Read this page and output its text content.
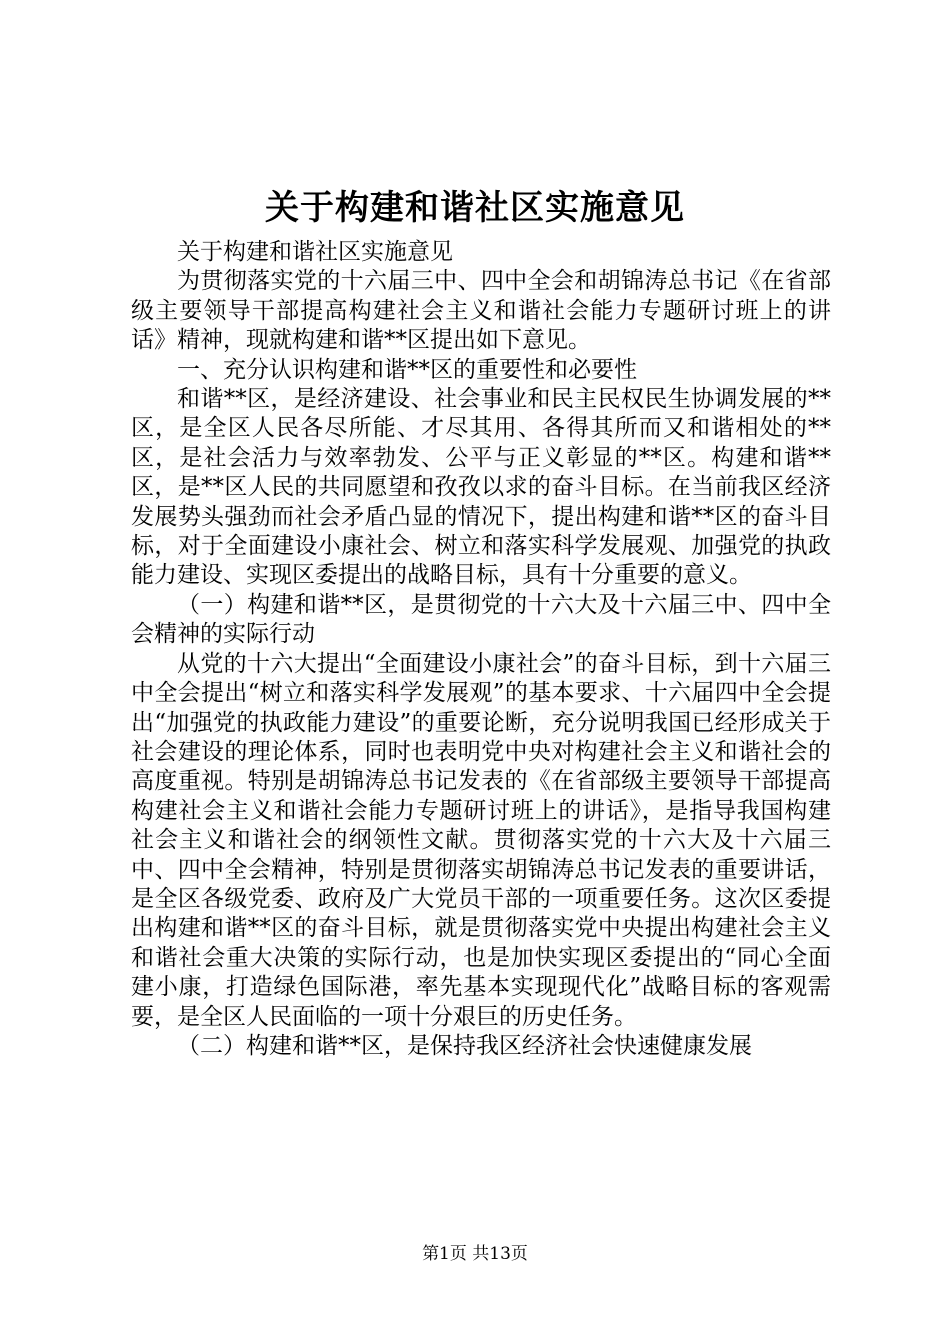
关于构建和谐社区实施意见

关于构建和谐社区实施意见

为贯彻落实党的十六届三中、四中全会和胡锦涛总书记《在省部级主要领导干部提高构建社会主义和谐社会能力专题研讨班上的讲话》精神，现就构建和谐**区提出如下意见。

一、充分认识构建和谐**区的重要性和必要性

和谐**区，是经济建设、社会事业和民主民权民生协调发展的**区，是全区人民各尽所能、才尽其用、各得其所而又和谐相处的**区，是社会活力与效率勃发、公平与正义彰显的**区。构建和谐**区，是**区人民的共同愿望和孜孜以求的奋斗目标。在当前我区经济发展势头强劲而社会矛盾凸显的情况下，提出构建和谐**区的奋斗目标，对于全面建设小康社会、树立和落实科学发展观、加强党的执政能力建设、实现区委提出的战略目标，具有十分重要的意义。

（一）构建和谐**区，是贯彻党的十六大及十六届三中、四中全会精神的实际行动

从党的十六大提出“全面建设小康社会”的奋斗目标，到十六届三中全会提出“树立和落实科学发展观”的基本要求、十六届四中全会提出“加强党的执政能力建设”的重要论断，充分说明我国已经形成关于社会建设的理论体系，同时也表明党中央对构建社会主义和谐社会的高度重视。特别是胡锦涛总书记发表的《在省部级主要领导干部提高构建社会主义和谐社会能力专题研讨班上的讲话》，是指导我国构建社会主义和谐社会的纲领性文献。贯彻落实党的十六大及十六届三中、四中全会精神，特别是贯彻落实胡锦涛总书记发表的重要讲话，是全区各级党委、政府及广大党员干部的一项重要任务。这次区委提出构建和谐**区的奋斗目标，就是贯彻落实党中央提出构建社会主义和谐社会重大决策的实际行动，也是加快实现区委提出的“同心全面建小康，打造绿色国际港，率先基本实现现代化”战略目标的客观需要，是全区人民面临的一项十分艰巨的历史任务。

（二）构建和谐**区，是保持我区经济社会快速健康发展

第1页 共13页
